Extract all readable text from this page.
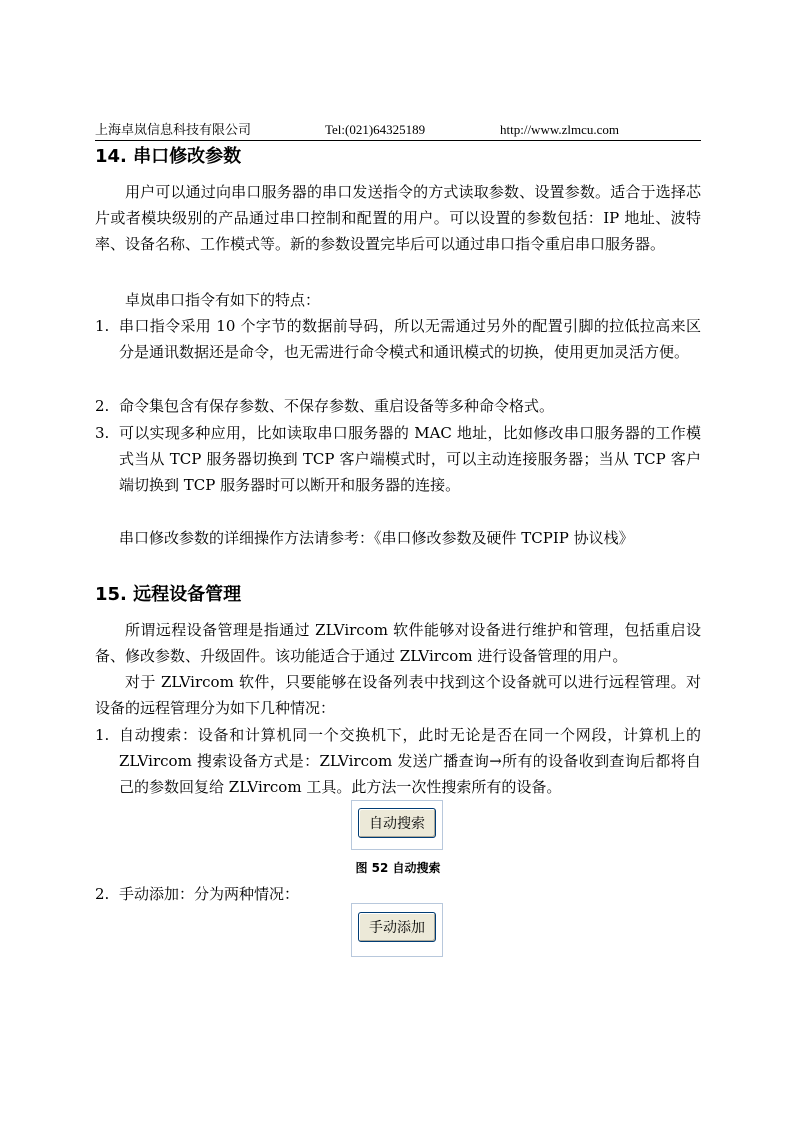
上海卓岚信息科技有限公司	Tel:(021)64325189	http://www.zlmcu.com
14. 串口修改参数
用户可以通过向串口服务器的串口发送指令的方式读取参数、设置参数。适合于选择芯片或者模块级别的产品通过串口控制和配置的用户。可以设置的参数包括：IP 地址、波特率、设备名称、工作模式等。新的参数设置完毕后可以通过串口指令重启串口服务器。
卓岚串口指令有如下的特点：
1. 串口指令采用 10 个字节的数据前导码，所以无需通过另外的配置引脚的拉低拉高来区分是通讯数据还是命令，也无需进行命令模式和通讯模式的切换，使用更加灵活方便。
2. 命令集包含有保存参数、不保存参数、重启设备等多种命令格式。
3. 可以实现多种应用，比如读取串口服务器的 MAC 地址，比如修改串口服务器的工作模式当从 TCP 服务器切换到 TCP 客户端模式时，可以主动连接服务器；当从 TCP 客户端切换到 TCP 服务器时可以断开和服务器的连接。
串口修改参数的详细操作方法请参考：《串口修改参数及硬件 TCPIP 协议栈》
15. 远程设备管理
所谓远程设备管理是指通过 ZLVircom 软件能够对设备进行维护和管理，包括重启设备、修改参数、升级固件。该功能适合于通过 ZLVircom 进行设备管理的用户。
对于 ZLVircom 软件，只要能够在设备列表中找到这个设备就可以进行远程管理。对设备的远程管理分为如下几种情况：
1. 自动搜索：设备和计算机同一个交换机下，此时无论是否在同一个网段，计算机上的 ZLVircom 搜索设备方式是：ZLVircom 发送广播查询→所有的设备收到查询后都将自己的参数回复给 ZLVircom 工具。此方法一次性搜索所有的设备。
自动搜索
图 52 自动搜索
2. 手动添加：分为两种情况：
手动添加
